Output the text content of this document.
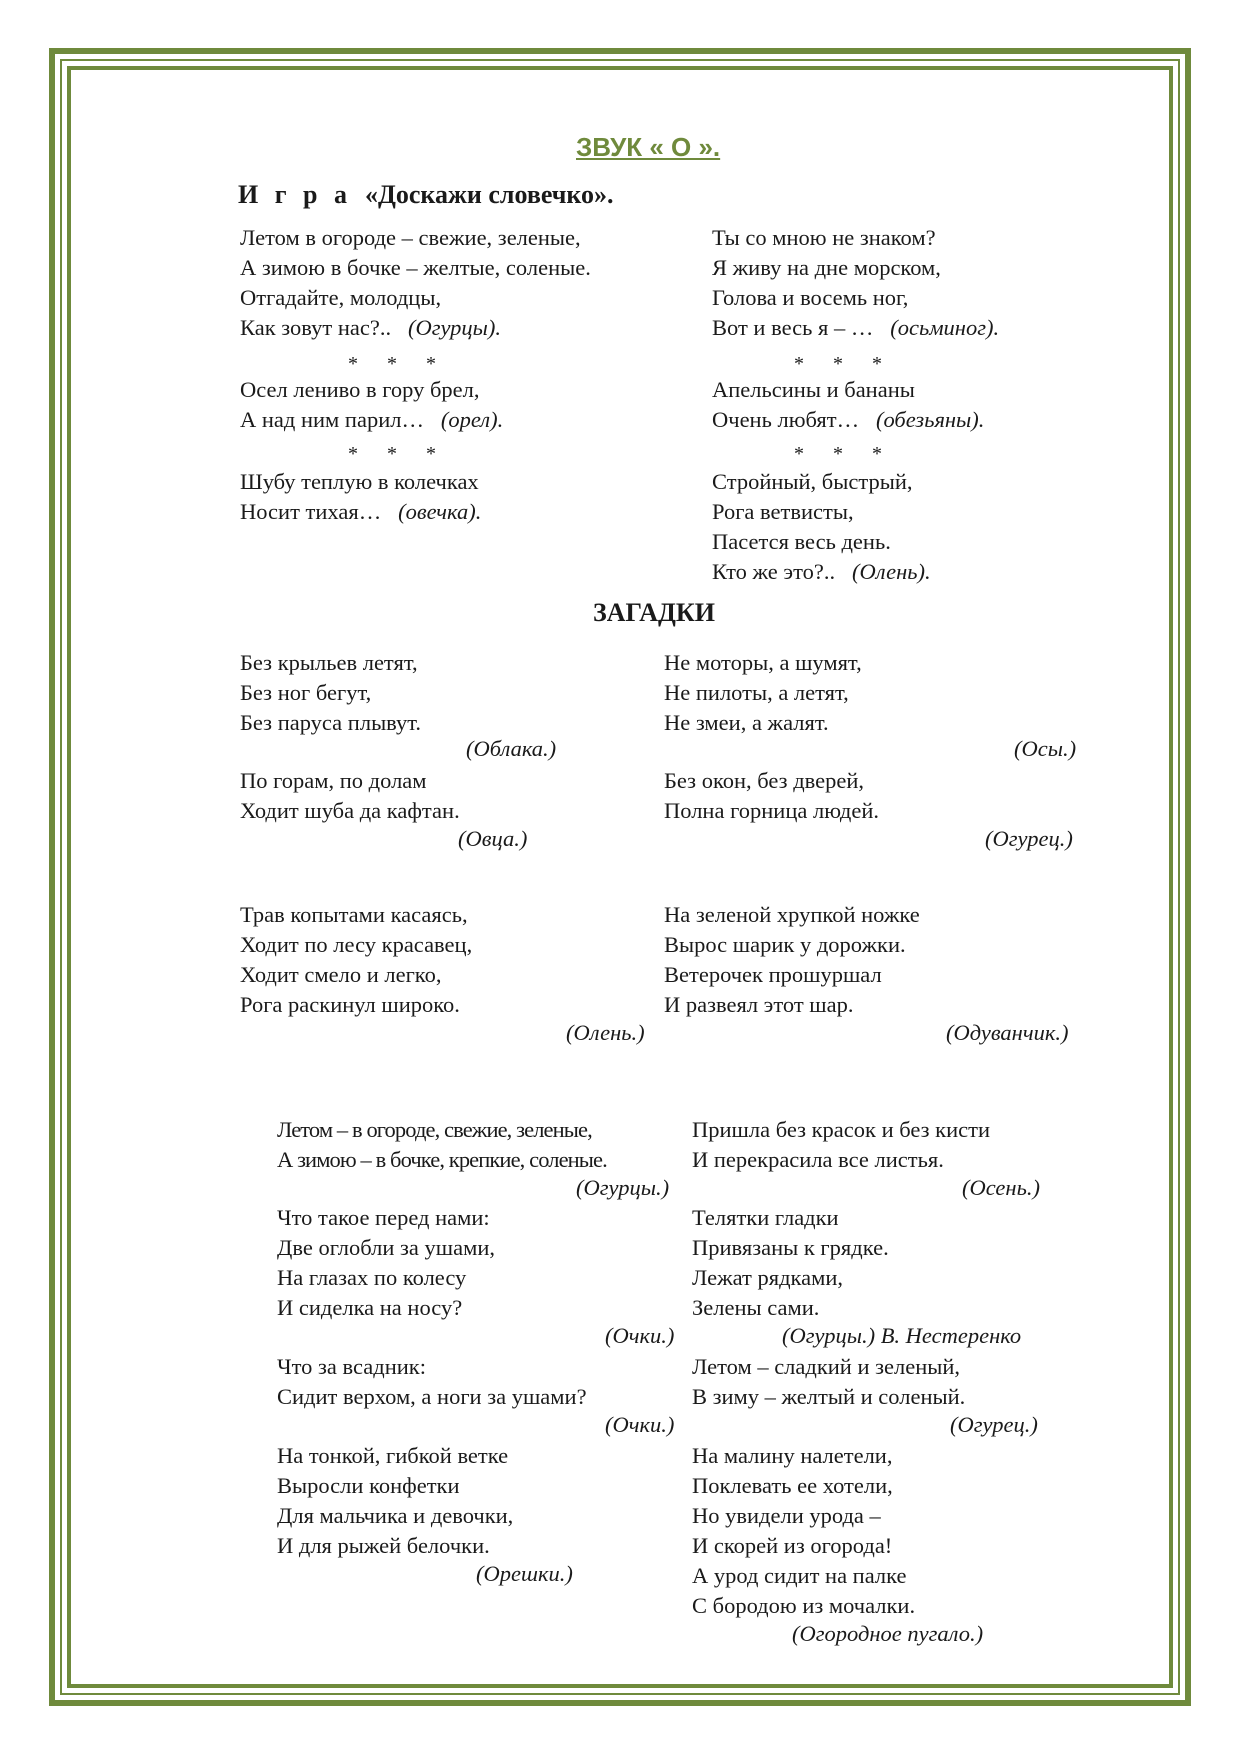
ЗВУК « О ».
И г р а «Доскажи словечко».
Летом в огороде – свежие, зеленые,
А зимою в бочке – желтые, соленые.
Отгадайте, молодцы,
Как зовут нас?.. (Огурцы).
* * *
Осел лениво в гору брел,
А над ним парил… (орел).
* * *
Шубу теплую в колечках
Носит тихая… (овечка).
Ты со мною не знаком?
Я живу на дне морском,
Голова и восемь ног,
Вот и весь я – … (осьминог).
* * *
Апельсины и бананы
Очень любят… (обезьяны).
* * *
Стройный, быстрый,
Рога ветвисты,
Пасется весь день.
Кто же это?.. (Олень).
ЗАГАДКИ
Без крыльев летят,
Без ног бегут,
Без паруса плывут.
(Облака.)
Не моторы, а шумят,
Не пилоты, а летят,
Не змеи, а жалят.
(Осы.)
По горам, по долам
Ходит шуба да кафтан.
(Овца.)
Без окон, без дверей,
Полна горница людей.
(Огурец.)
Трав копытами касаясь,
Ходит по лесу красавец,
Ходит смело и легко,
Рога раскинул широко.
(Олень.)
На зеленой хрупкой ножке
Вырос шарик у дорожки.
Ветерочек прошуршал
И развеял этот шар.
(Одуванчик.)
Летом – в огороде, свежие, зеленые,
А зимою – в бочке, крепкие, соленые.
(Огурцы.)
Что такое перед нами:
Две оглобли за ушами,
На глазах по колесу
И сиделка на носу?
(Очки.)
Что за всадник:
Сидит верхом, а ноги за ушами?
(Очки.)
На тонкой, гибкой ветке
Выросли конфетки
Для мальчика и девочки,
И для рыжей белочки.
(Орешки.)
Пришла без красок и без кисти
И перекрасила все листья.
(Осень.)
Телятки гладки
Привязаны к грядке.
Лежат рядками,
Зелены сами.
(Огурцы.) В. Нестеренко
Летом – сладкий и зеленый,
В зиму – желтый и соленый.
(Огурец.)
На малину налетели,
Поклевать ее хотели,
Но увидели урода –
И скорей из огорода!
А урод сидит на палке
С бородою из мочалки.
(Огородное пугало.)
